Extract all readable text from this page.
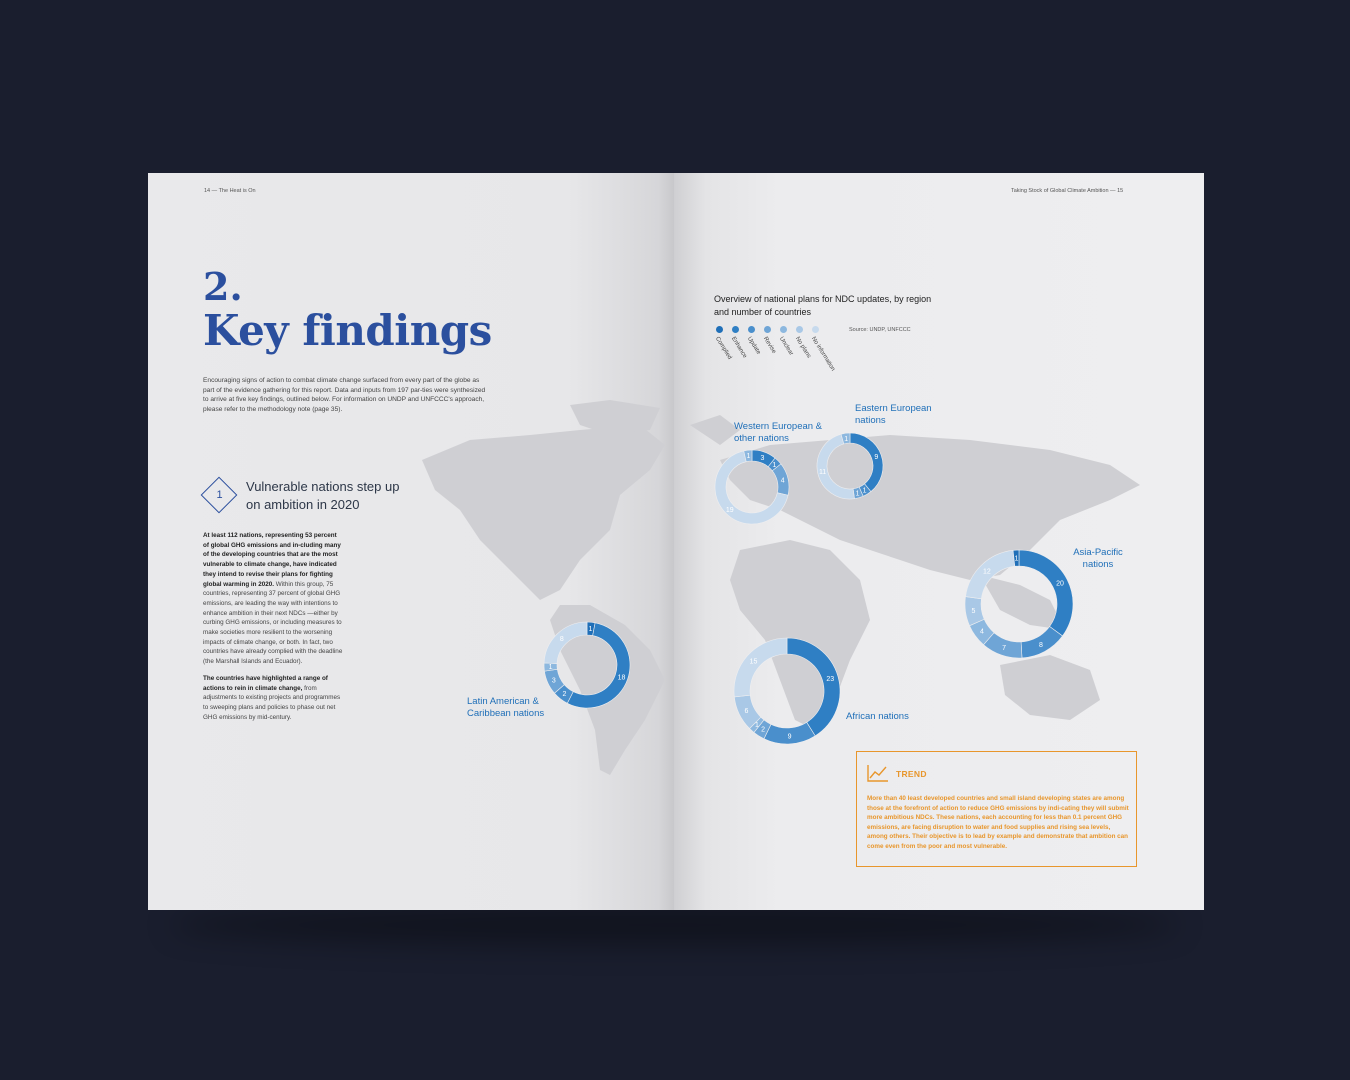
14 — The Heat is On	Taking Stock of Global Climate Ambition — 15
2.
Key findings
Encouraging signs of action to combat climate change surfaced from every part of the globe as part of the evidence gathering for this report. Data and inputs from 197 par-ties were synthesized to arrive at five key findings, outlined below. For information on UNDP and UNFCCC's approach, please refer to the methodology note (page 35).
1
Vulnerable nations step up on ambition in 2020

At least 112 nations, representing 53 percent of global GHG emissions and in-cluding many of the developing countries that are the most vulnerable to climate change, have indicated they intend to revise their plans for fighting global warming in 2020. Within this group, 75 countries, representing 37 percent of global GHG emissions, are leading the way with intentions to enhance ambition in their next NDCs —either by curbing GHG emissions, or including measures to make societies more resilient to the worsening impacts of climate change, or both. In fact, two countries have already complied with the deadline (the Marshall Islands and Ecuador).

The countries have highlighted a range of actions to rein in climate change, from adjustments to existing projects and programmes to sweeping plans and policies to phase out net GHG emissions by mid-century.

Overview of national plans for NDC updates, by region and number of countries
Source: UNDP, UNFCCC
Complied
Enhance
Update Revise Unclear No plans
No information
3
1
4
19
1	9
1
1
11
1
20
8
7
4
5
12
1
23
9
2
1
6
15
1
18
2
3
1
8
Western European & other nations
Eastern European nations
Asia-Pacific nations
African nations
Latin American & Caribbean nations
TREND
More than 40 least developed countries and small island developing states are among those at the forefront of action to reduce GHG emissions by indi-cating they will submit more ambitious NDCs. These nations, each accounting for less than 0.1 percent GHG emissions, are facing disruption to water and food supplies and rising sea levels, among others. Their objective is to lead by example and demonstrate that ambition can come even from the poor and most vulnerable.
